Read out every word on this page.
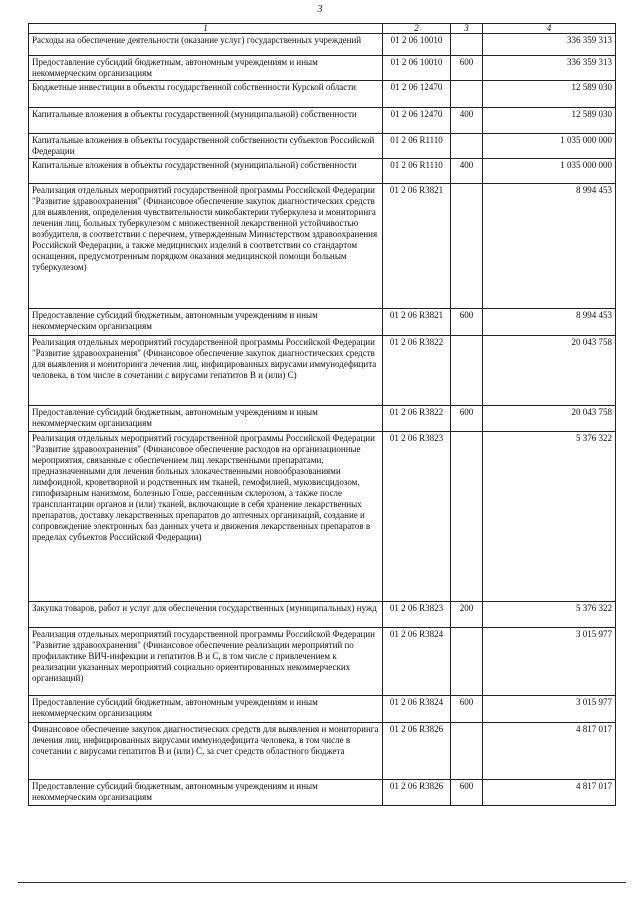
3
1	2	3	4
Расходы на обеспечение деятельности (оказание услуг) государственных учреждений	01 2 06 10010		336 359 313
Предоставление субсидий бюджетным, автономным учреждениям и иным некоммерческим организациям	01 2 06 10010	600	336 359 313
Бюджетные инвестиции в объекты государственной собственности Курской области	01 2 06 12470		12 589 030
Капитальные вложения в объекты государственной (муниципальной) собственности	01 2 06 12470	400	12 589 030
Капитальные вложения в объекты государственной собственности субъектов Российской Федерации	01 2 06 R1110		1 035 000 000
Капитальные вложения в объекты государственной (муниципальной) собственности	01 2 06 R1110	400	1 035 000 000
Реализация отдельных мероприятий государственной программы Российской Федерации "Развитие здравоохранения" (Финансовое обеспечение закупок диагностических средств для выявления, определения чувствительности микобактерии туберкулеза и мониторинга лечения лиц, больных туберкулезом с множественной лекарственной устойчивостью возбудителя, в соответствии с перечнем, утвержденным Министерством здравоохранения Российской Федерации, а также медицинских изделий в соответствии со стандартом оснащения, предусмотренным порядком оказания медицинской помощи больным туберкулезом)	01 2 06 R3821		8 994 453
Предоставление субсидий бюджетным, автономным учреждениям и иным некоммерческим организациям	01 2 06 R3821	600	8 994 453
Реализация отдельных мероприятий государственной программы Российской Федерации "Развитие здравоохранения" (Финансовое обеспечение закупок диагностических средств для выявления и мониторинга лечения лиц, инфицированных вирусами иммунодефицита человека, в том числе в сочетании с вирусами гепатитов В и (или) С)	01 2 06 R3822		20 043 758
Предоставление субсидий бюджетным, автономным учреждениям и иным некоммерческим организациям	01 2 06 R3822	600	20 043 758
Реализация отдельных мероприятий государственной программы Российской Федерации "Развитие здравоохранения" (Финансовое обеспечение расходов на организационные мероприятия, связанные с обеспечением лиц лекарственными препаратами, предназначенными для лечения больных злокачественными новообразованиями лимфоидной, кроветворной и родственных им тканей, гемофилией, муковисцидозом, гипофизарным нанизмом, болезнью Гоше, рассеянным склерозом, а также после трансплантации органов и (или) тканей, включающие в себя хранение лекарственных препаратов, доставку лекарственных препаратов до аптечных организаций, создание и сопровождение электронных баз данных учета и движения лекарственных препаратов в пределах субъектов Российской Федерации)	01 2 06 R3823		5 376 322
Закупка товаров, работ и услуг для обеспечения государственных (муниципальных) нужд	01 2 06 R3823	200	5 376 322
Реализация отдельных мероприятий государственной программы Российской Федерации "Развитие здравоохранения" (Финансовое обеспечение реализации мероприятий по профилактике ВИЧ-инфекции и гепатитов В и С, в том числе с привлечением к реализации указанных мероприятий социально ориентированных некоммерческих организаций)	01 2 06 R3824		3 015 977
Предоставление субсидий бюджетным, автономным учреждениям и иным некоммерческим организациям	01 2 06 R3824	600	3 015 977
Финансовое обеспечение закупок диагностических средств для выявления и мониторинга лечения лиц, инфицированных вирусами иммунодефицита человека, в том числе в сочетании с вирусами гепатитов В и (или) С, за счет средств областного бюджета	01 2 06 R3826		4 817 017
Предоставление субсидий бюджетным, автономным учреждениям и иным некоммерческим организациям	01 2 06 R3826	600	4 817 017
